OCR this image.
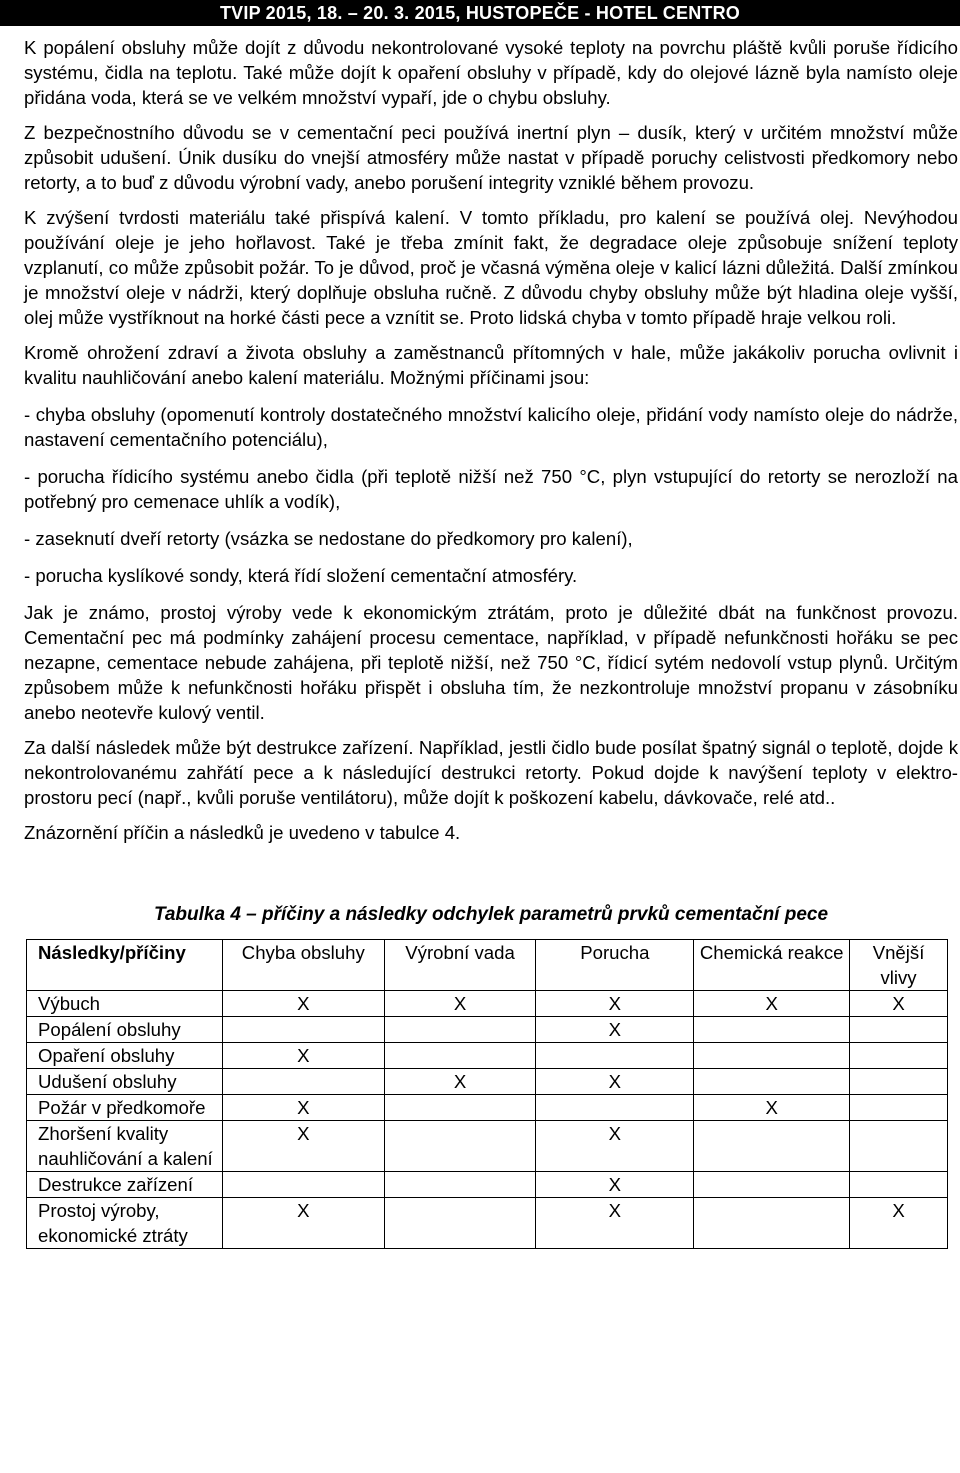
TVIP 2015, 18. – 20. 3. 2015, HUSTOPEČE - HOTEL CENTRO

K popálení obsluhy může dojít z důvodu nekontrolované vysoké teploty na povrchu pláště kvůli poruše řídicího systému, čidla na teplotu. Také může dojít k opaření obsluhy v případě, kdy do olejové lázně byla namísto oleje přidána voda, která se ve velkém množství vypaří, jde o chybu obsluhy.

Z bezpečnostního důvodu se v cementační peci používá inertní plyn – dusík, který v určitém množství může způsobit udušení. Únik dusíku do vnejší atmosféry může nastat v případě poruchy celistvosti předkomory nebo retorty, a to buď z důvodu výrobní vady, anebo porušení integrity vzniklé během provozu.

K zvýšení tvrdosti materiálu také přispívá kalení. V tomto příkladu, pro kalení se používá olej. Nevýhodou používání oleje je jeho hořlavost. Také je třeba zmínit fakt, že degradace oleje způsobuje snížení teploty vzplanutí, co může způsobit požár. To je důvod, proč je včasná výměna oleje v kalicí lázni důležitá. Další zmínkou je množství oleje v nádrži, který doplňuje obsluha ručně. Z důvodu chyby obsluhy může být hladina oleje vyšší, olej může vystříknout na horké části pece a vznítit se. Proto lidská chyba v tomto případě hraje velkou roli.

Kromě ohrožení zdraví a života obsluhy a zaměstnanců přítomných v hale, může jakákoliv porucha ovlivnit i kvalitu nauhličování anebo kalení materiálu. Možnými příčinami jsou:

- chyba obsluhy (opomenutí kontroly dostatečného množství kalicího oleje, přidání vody namísto oleje do nádrže, nastavení cementačního potenciálu),

- porucha řídicího systému anebo čidla (při teplotě nižší než 750 °C, plyn vstupující do retorty se nerozloží na potřebný pro cemenace uhlík a vodík),

- zaseknutí dveří retorty (vsázka se nedostane do předkomory pro kalení),

- porucha kyslíkové sondy, která řídí složení cementační atmosféry.

Jak je známo, prostoj výroby vede k ekonomickým ztrátám, proto je důležité dbát na funkčnost provozu. Cementační pec má podmínky zahájení procesu cementace, například, v případě nefunkčnosti hořáku se pec nezapne, cementace nebude zahájena, při teplotě nižší, než 750 °C, řídicí sytém nedovolí vstup plynů. Určitým způsobem může k nefunkčnosti hořáku přispět i obsluha tím, že nezkontroluje množství propanu v zásobníku anebo neotevře kulový ventil.

Za další následek může být destrukce zařízení. Například, jestli čidlo bude posílat špatný signál o teplotě, dojde k nekontrolovanému zahřátí pece a k následující destrukci retorty. Pokud dojde k navýšení teploty v elektro-prostoru pecí (např., kvůli poruše ventilátoru), může dojít k poškození kabelu, dávkovače, relé atd..

Znázornění příčin a následků je uvedeno v tabulce 4.

Tabulka 4 – příčiny a následky odchylek parametrů prvků cementační pece
Následky/příčiny	Chyba obsluhy	Výrobní vada	Porucha	Chemická reakce	Vnější vlivy
Výbuch	X	X	X	X	X
Popálení obsluhy			X		
Opaření obsluhy	X				
Udušení obsluhy		X	X		
Požár v předkomoře	X			X	
Zhoršení kvality nauhličování a kalení	X		X		
Destrukce zařízení			X		
Prostoj výroby, ekonomické ztráty	X		X		X
